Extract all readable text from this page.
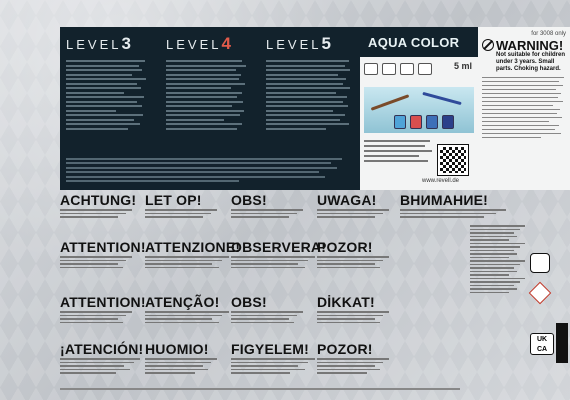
LEVEL3	LEVEL4	LEVEL5	AQUA COLOR
5 ml
www.revell.de
for 3008 only
WARNING!
Not suitable for children under 3 years. Small parts. Choking hazard.
ACHTUNG! LET OP!	OBS!	UWAGA!	ВНИМАНИЕ!
ATTENTION! ATTENZIONE!
OBSERVERA!
POZOR!
ATTENTION! ATENÇÃO! OBS!	DİKKAT!
¡ATENCIÓN! HUOMIO!	FIGYELEM! POZOR!
UK CA
